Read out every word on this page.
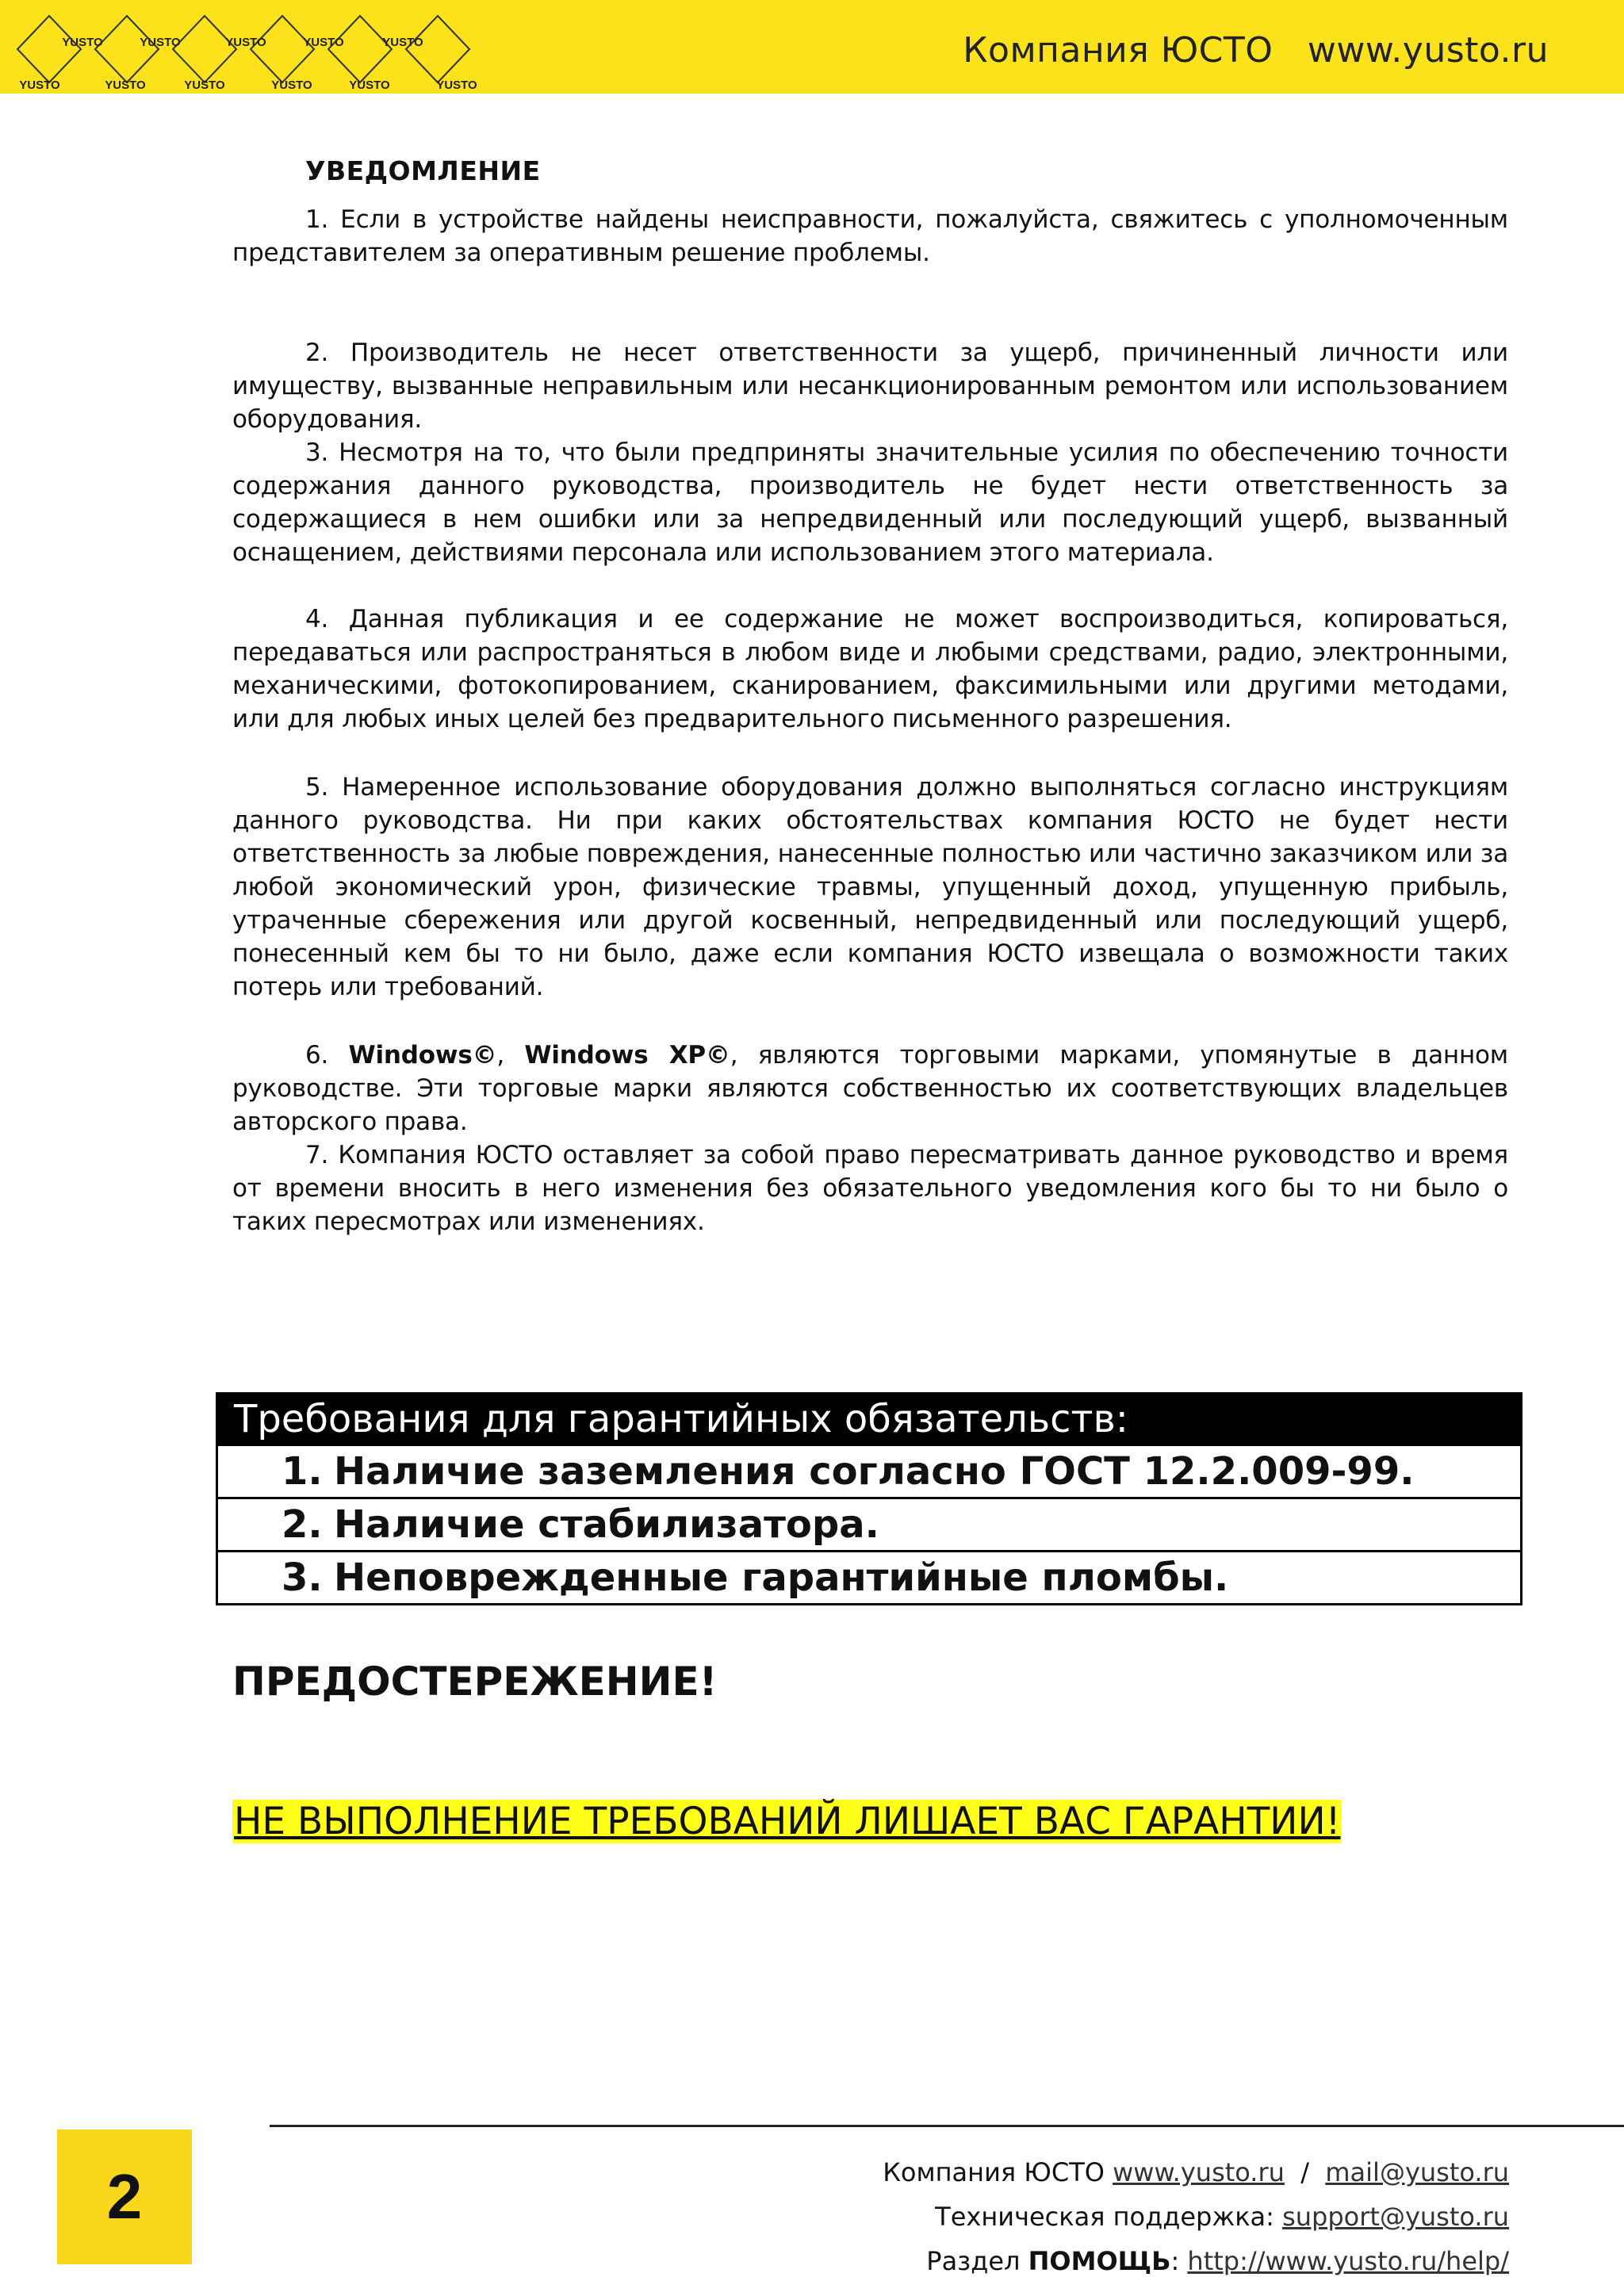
YUSTO	YUSTO	YUSTO	YUSTO	YUSTO
YUSTO	YUSTO	YUSTO	YUSTO	YUSTO	YUSTO
Компания ЮСТО   www.yusto.ru
УВЕДОМЛЕНИЕ

1. Если в устройстве найдены неисправности, пожалуйста, свяжитесь с уполномоченным представителем за оперативным решение проблемы.

2. Производитель не несет ответственности за ущерб, причиненный личности или имуществу, вызванные неправильным или несанкционированным ремонтом или использованием оборудования.

3. Несмотря на то, что были предприняты значительные усилия по обеспечению точности содержания данного руководства, производитель не будет нести ответственность за содержащиеся в нем ошибки или за непредвиденный или последующий ущерб, вызванный оснащением, действиями персонала или использованием этого материала.

4. Данная публикация и ее содержание не может воспроизводиться, копироваться, передаваться или распространяться в любом виде и любыми средствами, радио, электронными, механическими, фотокопированием, сканированием, факсимильными или другими методами, или для любых иных целей без предварительного письменного разрешения.

5. Намеренное использование оборудования должно выполняться согласно инструкциям данного руководства. Ни при каких обстоятельствах компания ЮСТО не будет нести ответственность за любые повреждения, нанесенные полностью или частично заказчиком или за любой экономический урон, физические травмы, упущенный доход, упущенную прибыль, утраченные сбережения или другой косвенный, непредвиденный или последующий ущерб, понесенный кем бы то ни было, даже если компания ЮСТО извещала о возможности таких потерь или требований.

6. Windows©, Windows XP©, являются торговыми марками, упомянутые в данном руководстве. Эти торговые марки являются собственностью их соответствующих владельцев авторского права.

7. Компания ЮСТО оставляет за собой право пересматривать данное руководство и время от времени вносить в него изменения без обязательного уведомления кого бы то ни было о таких пересмотрах или изменениях.

Требования для гарантийных обязательств:
1. Наличие заземления согласно ГОСТ 12.2.009-99.
2. Наличие стабилизатора.
3. Неповрежденные гарантийные пломбы.
ПРЕДОСТЕРЕЖЕНИЕ!
НЕ ВЫПОЛНЕНИЕ ТРЕБОВАНИЙ ЛИШАЕТ ВАС ГАРАНТИИ!
2	Компания ЮСТО www.yusto.ru  /  mail@yusto.ru
Техническая поддержка: support@yusto.ru
Раздел ПОМОЩЬ: http://www.yusto.ru/help/
